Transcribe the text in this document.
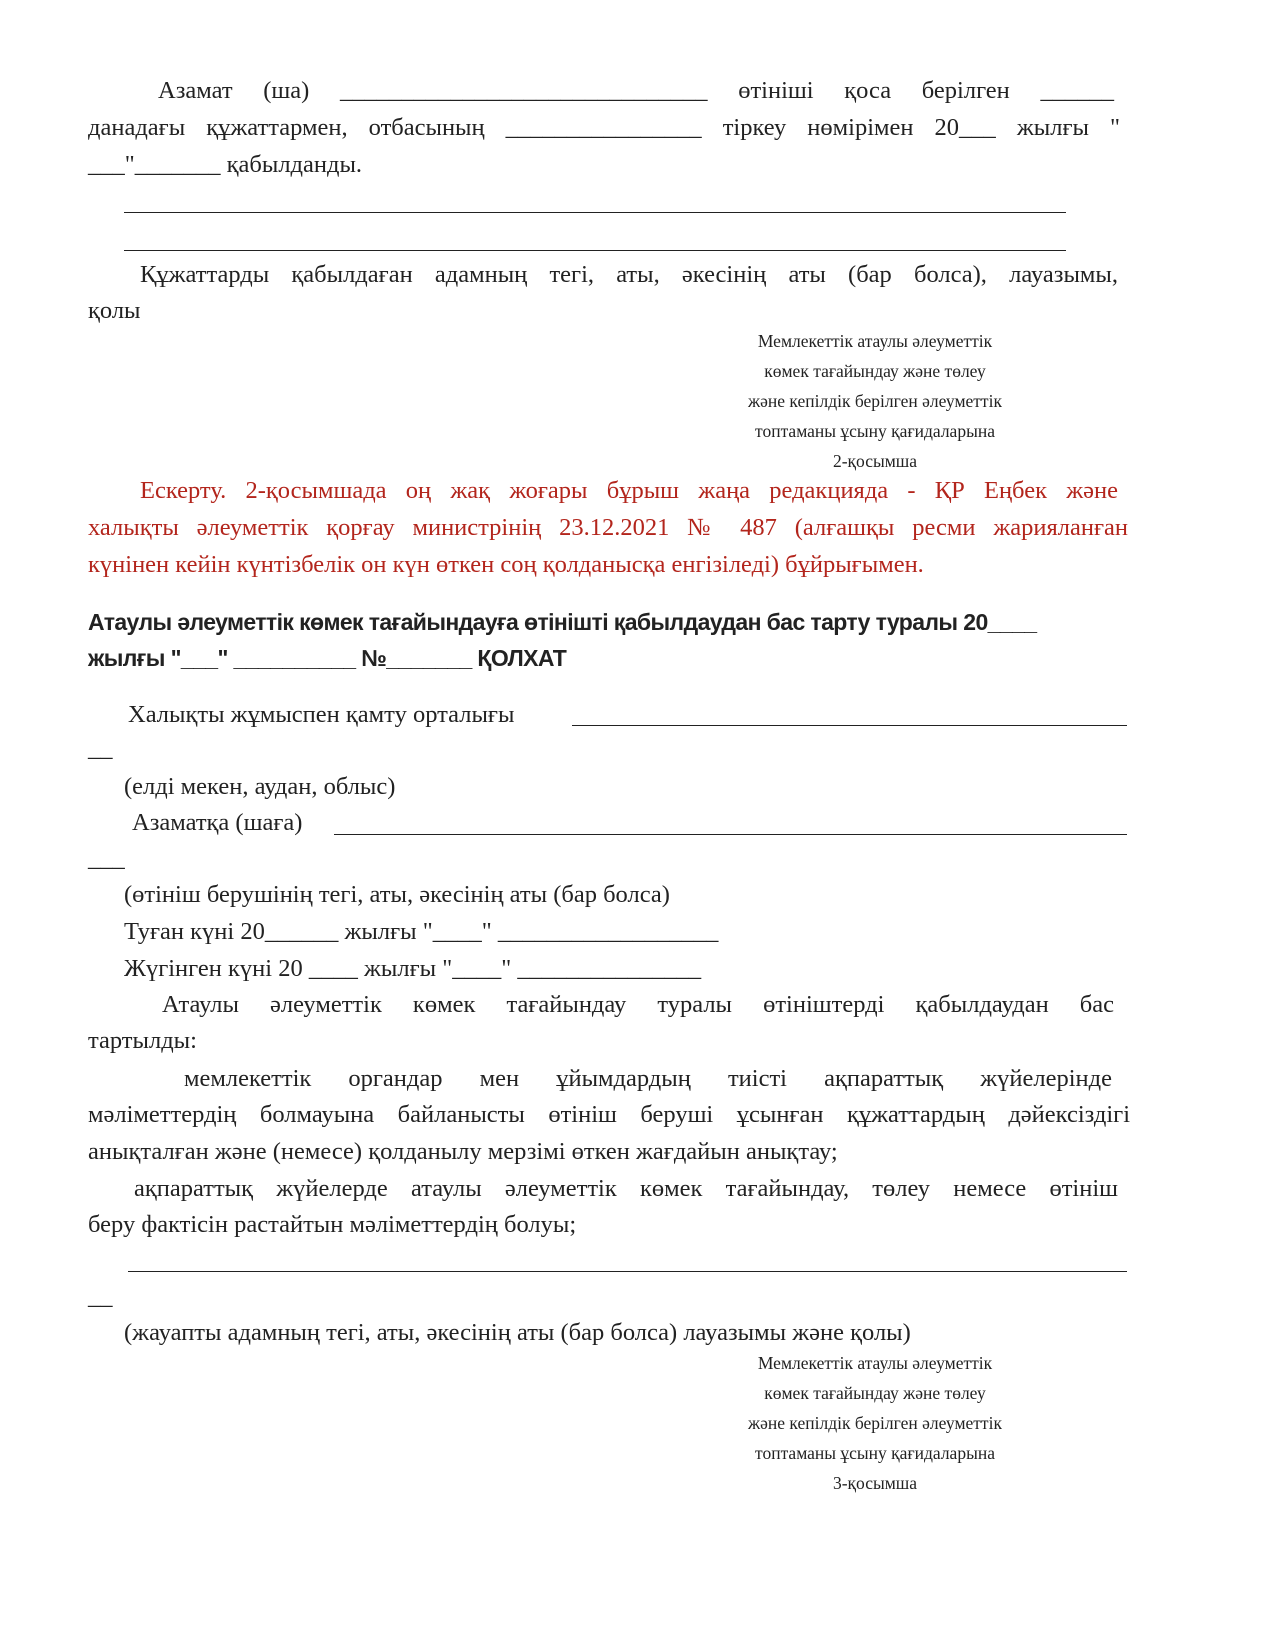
Азамат (ша) ______________________________ өтініші қоса берілген ______
данадағы құжаттармен, отбасының ________________ тіркеу нөмірімен 20___ жылғы "
___"_______ қабылданды.
Құжаттарды қабылдаған адамның тегі, аты, әкесінің аты (бар болса), лауазымы,
қолы
Мемлекеттік атаулы әлеуметтік
көмек тағайындау және төлеу
және кепілдік берілген әлеуметтік
топтаманы ұсыну қағидаларына
2-қосымша
Ескерту. 2-қосымшада оң жақ жоғары бұрыш жаңа редакцияда - ҚР Еңбек және
халықты әлеуметтік қорғау министрінің 23.12.2021 № 487 (алғашқы ресми жарияланған
күнінен кейін күнтізбелік он күн өткен соң қолданысқа енгізіледі) бұйрығымен.
Атаулы әлеуметтік көмек тағайындауға өтінішті қабылдаудан бас тарту туралы 20____
жылғы "___" __________ №_______ ҚОЛХАТ
Халықты жұмыспен қамту орталығы
__
(елді мекен, аудан, облыс)
Азаматқа (шаға)
___
(өтініш берушінің тегі, аты, әкесінің аты (бар болса)
Туған күні 20______ жылғы "____" __________________
Жүгінген күні 20 ____ жылғы "____" _______________
Атаулы әлеуметтік көмек тағайындау туралы өтініштерді қабылдаудан бас
тартылды:
мемлекеттік органдар мен ұйымдардың тиісті ақпараттық жүйелерінде
мәліметтердің болмауына байланысты өтініш беруші ұсынған құжаттардың дәйексіздігі
анықталған және (немесе) қолданылу мерзімі өткен жағдайын анықтау;
ақпараттық жүйелерде атаулы әлеуметтік көмек тағайындау, төлеу немесе өтініш
беру фактісін растайтын мәліметтердің болуы;
__
(жауапты адамның тегі, аты, әкесінің аты (бар болса) лауазымы және қолы)
Мемлекеттік атаулы әлеуметтік
көмек тағайындау және төлеу
және кепілдік берілген әлеуметтік
топтаманы ұсыну қағидаларына
3-қосымша
